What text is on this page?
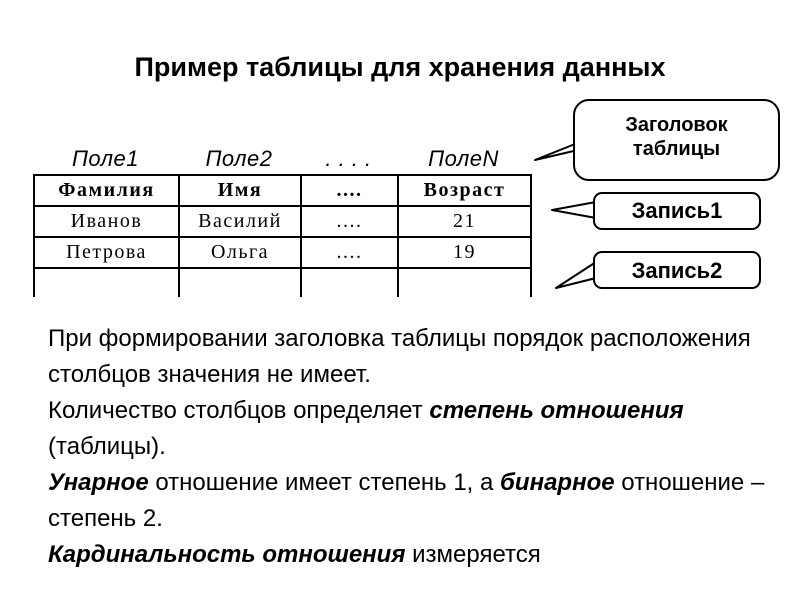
Пример таблицы для хранения данных
Поле1	Поле2	. . . .	ПолеN
Фамилия	Имя	....	Возраст
Иванов	Василий	....	21
Петрова	Ольга	....	19

Заголовок
таблицы
Запись1
Запись2
При формировании заголовка таблицы порядок расположения столбцов значения не имеет.
Количество столбцов определяет степень отношения (таблицы).
Унарное отношение имеет степень 1, а бинарное отношение – степень 2.
Кардинальность отношения измеряется
